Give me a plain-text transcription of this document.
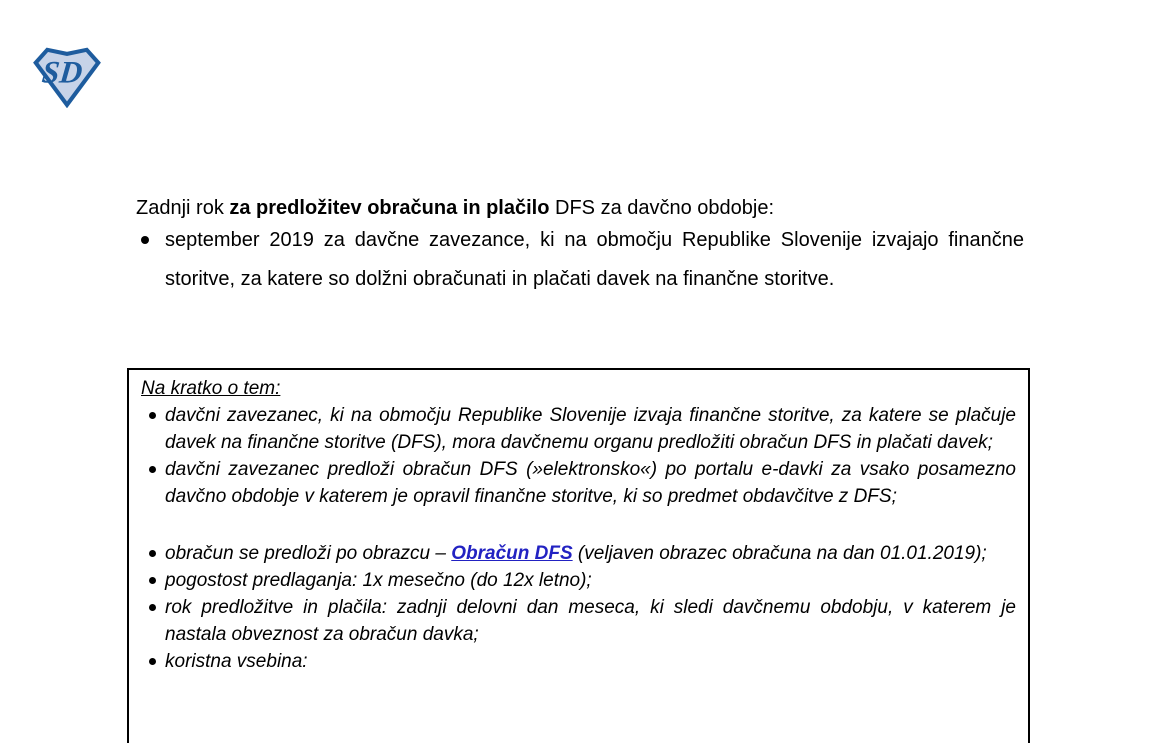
SD

Zadnji rok za predložitev obračuna in plačilo DFS za davčno obdobje:

september 2019 za davčne zavezance, ki na območju Republike Slovenije izvajajo finančne storitve, za katere so dolžni obračunati in plačati davek na finančne storitve.
Na kratko o tem:
davčni zavezanec, ki na območju Republike Slovenije izvaja finančne storitve, za katere se plačuje davek na finančne storitve (DFS), mora davčnemu organu predložiti obračun DFS in plačati davek;
davčni zavezanec predloži obračun DFS (»elektronsko«) po portalu e-davki za vsako posamezno davčno obdobje v katerem je opravil finančne storitve, ki so predmet obdavčitve z DFS;
obračun se predloži po obrazcu – Obračun DFS (veljaven obrazec obračuna na dan 01.01.2019);
pogostost predlaganja: 1x mesečno (do 12x letno);
rok predložitve in plačila: zadnji delovni dan meseca, ki sledi davčnemu obdobju, v katerem je nastala obveznost za obračun davka;
koristna vsebina:
